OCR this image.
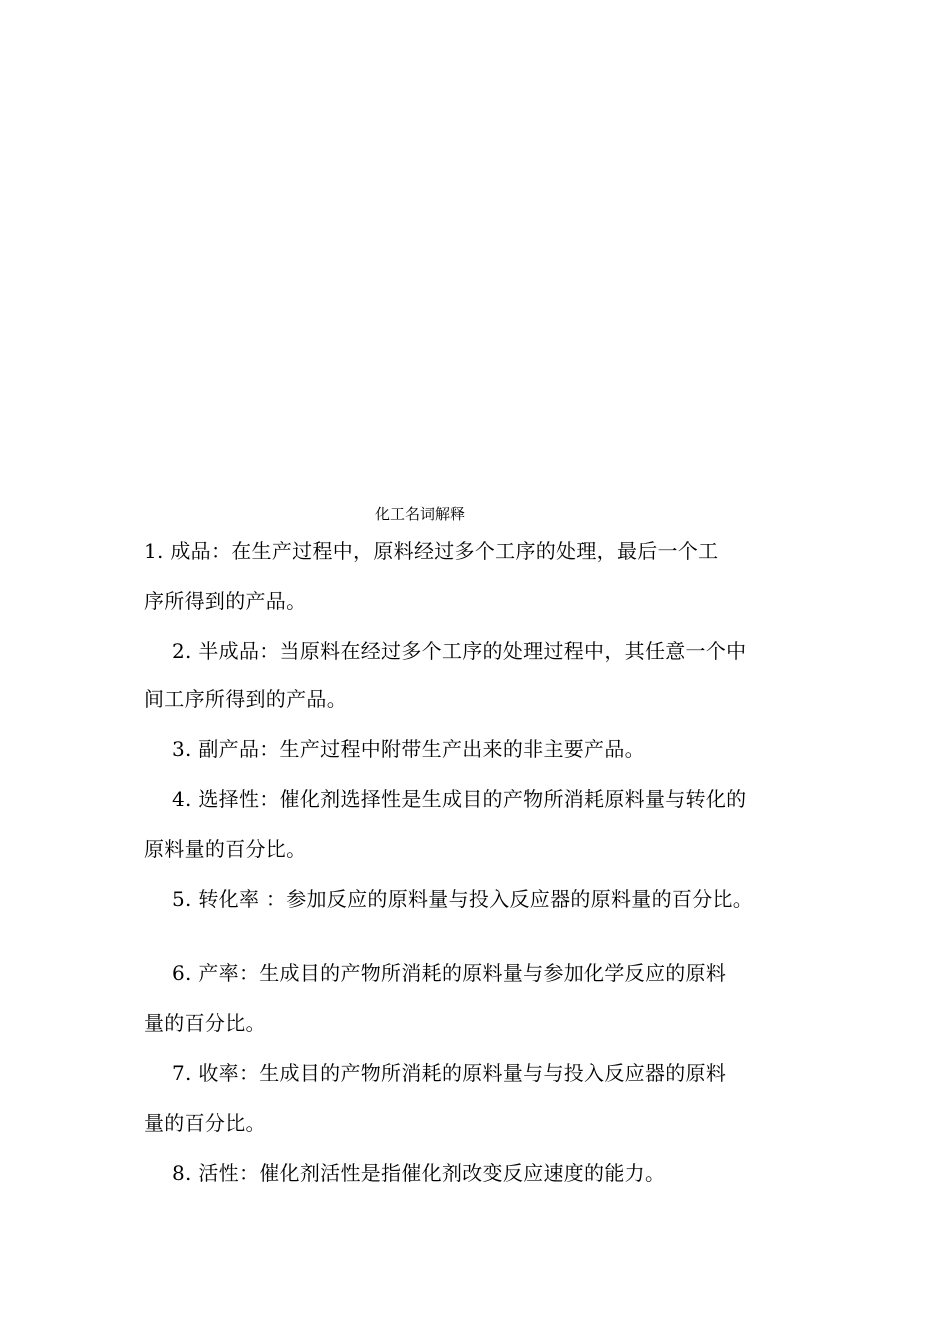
化工名词解释
1. 成品：在生产过程中，原料经过多个工序的处理，最后一个工
序所得到的产品。
2. 半成品：当原料在经过多个工序的处理过程中，其任意一个中
间工序所得到的产品。
3. 副产品：生产过程中附带生产出来的非主要产品。
4. 选择性：催化剂选择性是生成目的产物所消耗原料量与转化的
原料量的百分比。
5. 转化率 ：参加反应的原料量与投入反应器的原料量的百分比。
6. 产率：生成目的产物所消耗的原料量与参加化学反应的原料
量的百分比。
7. 收率：生成目的产物所消耗的原料量与与投入反应器的原料
量的百分比。
8. 活性：催化剂活性是指催化剂改变反应速度的能力。
